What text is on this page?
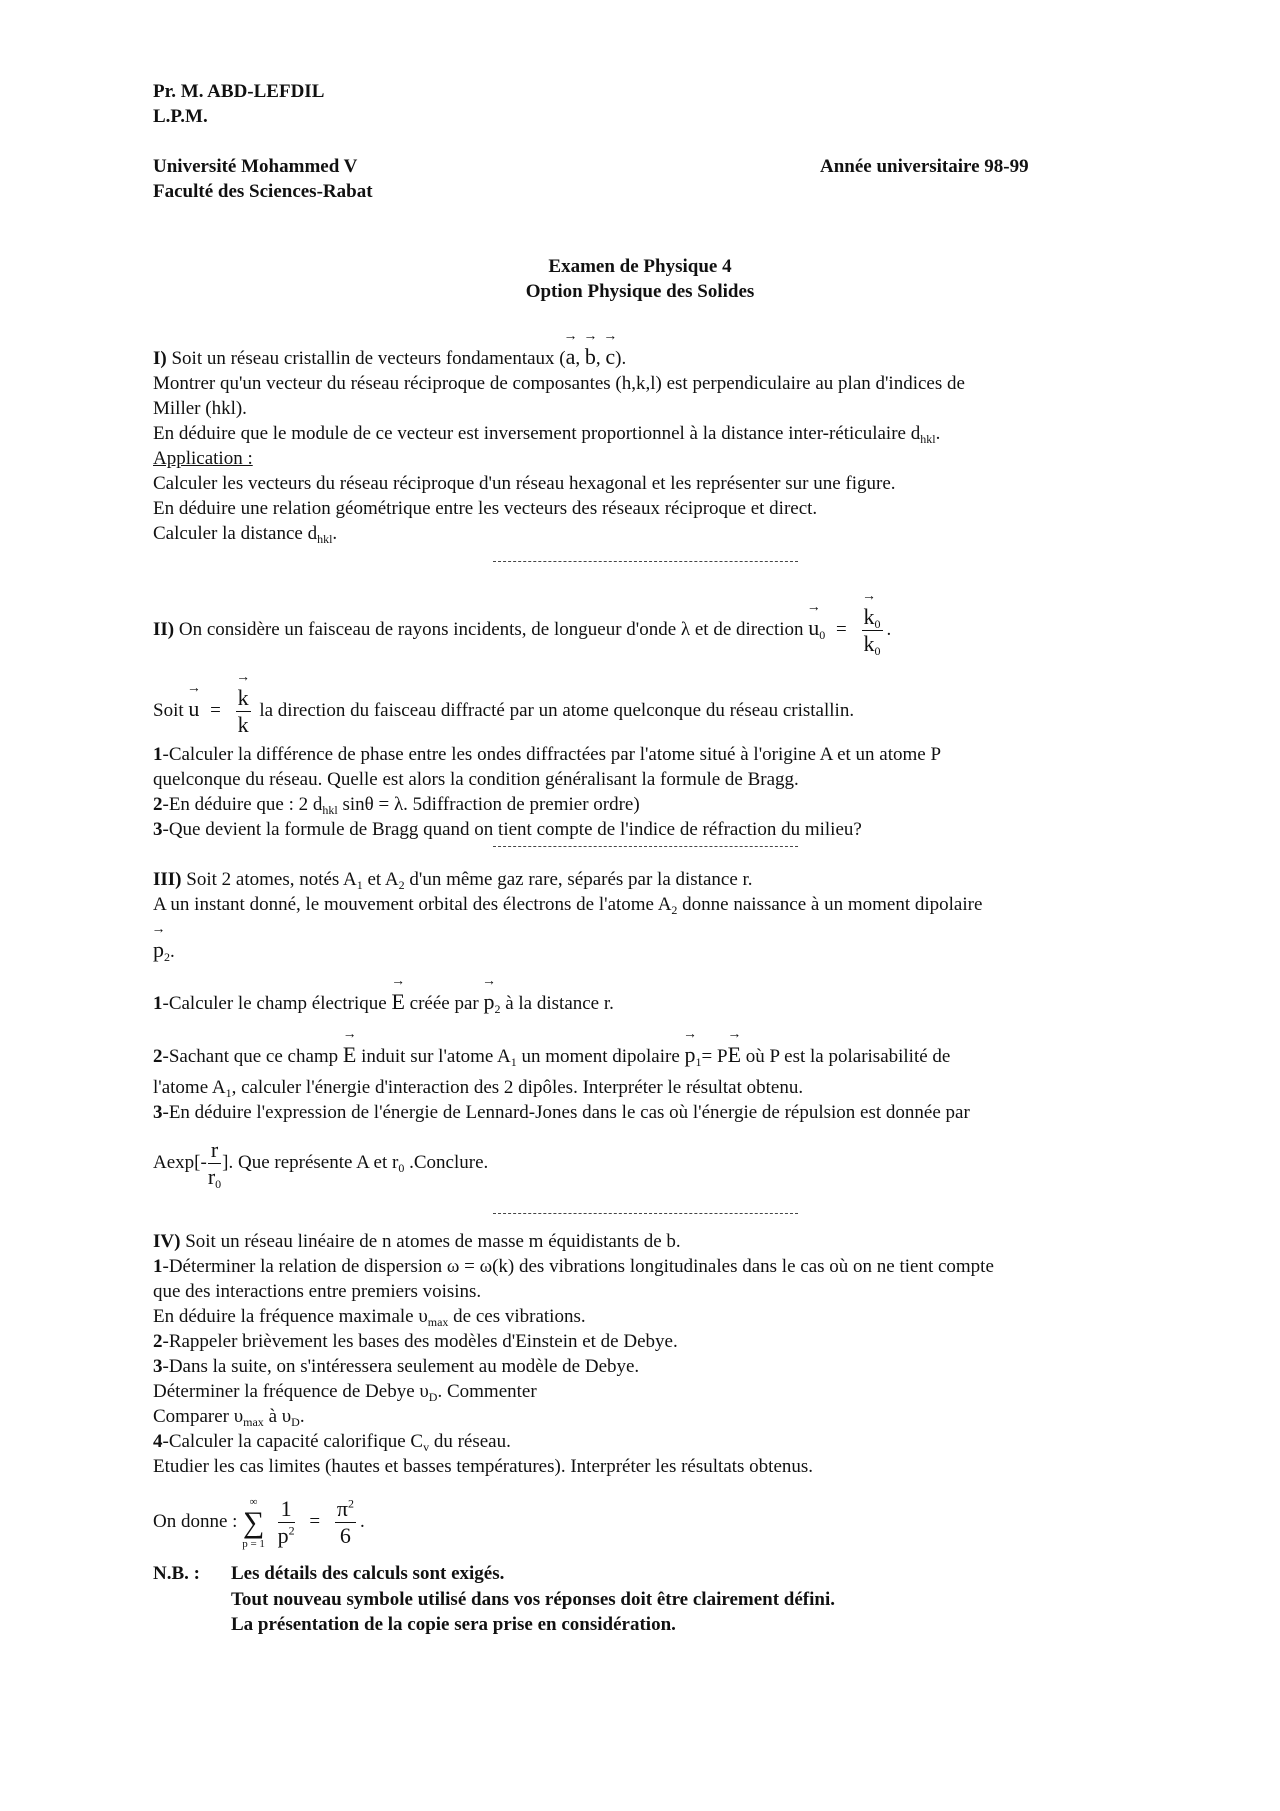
Pr. M. ABD-LEFDIL
L.P.M.
Université Mohammed V
Faculté des Sciences-Rabat
Année universitaire 98-99
Examen de Physique 4
Option Physique des Solides
I) Soit un réseau cristallin de vecteurs fondamentaux (→ a, → b, → c).
Montrer qu'un vecteur du réseau réciproque de composantes (h,k,l) est perpendiculaire au plan d'indices de
Miller (hkl).
En déduire que le module de ce vecteur est inversement proportionnel à la distance inter-réticulaire $d_{hkl}$.
Application :
Calculer les vecteurs du réseau réciproque d'un réseau hexagonal et les représenter sur une figure.
En déduire une relation géométrique entre les vecteurs des réseaux réciproque et direct.
Calculer la distance $d_{hkl}$.
II) On considère un faisceau de rayons incidents, de longueur d'onde λ et de direction → $u_0$ = → $\frac{k_0}{k_0}$ .
Soit → u = → $\frac{k}{k}$ la direction du faisceau diffracté par un atome quelconque du réseau cristallin.
1-Calculer la différence de phase entre les ondes diffractées par l'atome situé à l'origine A et un atome P
quelconque du réseau. Quelle est alors la condition généralisant la formule de Bragg.
2-En déduire que : 2 $d_{hkl}$ sinθ = λ. 5diffraction de premier ordre)
3-Que devient la formule de Bragg quand on tient compte de l'indice de réfraction du milieu?
III) Soit 2 atomes, notés $A_1$ et $A_2$ d'un même gaz rare, séparés par la distance r.
A un instant donné, le mouvement orbital des électrons de l'atome $A_2$ donne naissance à un moment dipolaire
→ $p_2$.
1-Calculer le champ électrique → E créée par → $p_2$ à la distance r.
2-Sachant que ce champ → E induit sur l'atome $A_1$ un moment dipolaire → $p_1= P\to E$ où P est la polarisabilité de
l'atome $A_1$, calculer l'énergie d'interaction des 2 dipôles. Interpréter le résultat obtenu.
3-En déduire l'expression de l'énergie de Lennard-Jones dans le cas où l'énergie de répulsion est donnée par
$Aexp[- \frac{r}{r_0}$ ]. Que représente A et $r_0$ .Conclure.
IV) Soit un réseau linéaire de n atomes de masse m équidistants de b.
1-Déterminer la relation de dispersion ω = ω(k) des vibrations longitudinales dans le cas où on ne tient compte
que des interactions entre premiers voisins.
En déduire la fréquence maximale $\upsilon_{max}$ de ces vibrations.
2-Rappeler brièvement les bases des modèles d'Einstein et de Debye.
3-Dans la suite, on s'intéressera seulement au modèle de Debye.
Déterminer la fréquence de Debye $\upsilon_D$. Commenter
Comparer $\upsilon_{max}$ à $\upsilon_D$.
4-Calculer la capacité calorifique $C_v$ du réseau.
Etudier les cas limites (hautes et basses températures). Interpréter les résultats obtenus.
On donne :
∞
∑
p = 1
$\frac{1}{p^2} = \frac{\pi^2}{6}$ .
N.B. : Les détails des calculs sont exigés.
Tout nouveau symbole utilisé dans vos réponses doit être clairement défini.
La présentation de la copie sera prise en considération.
